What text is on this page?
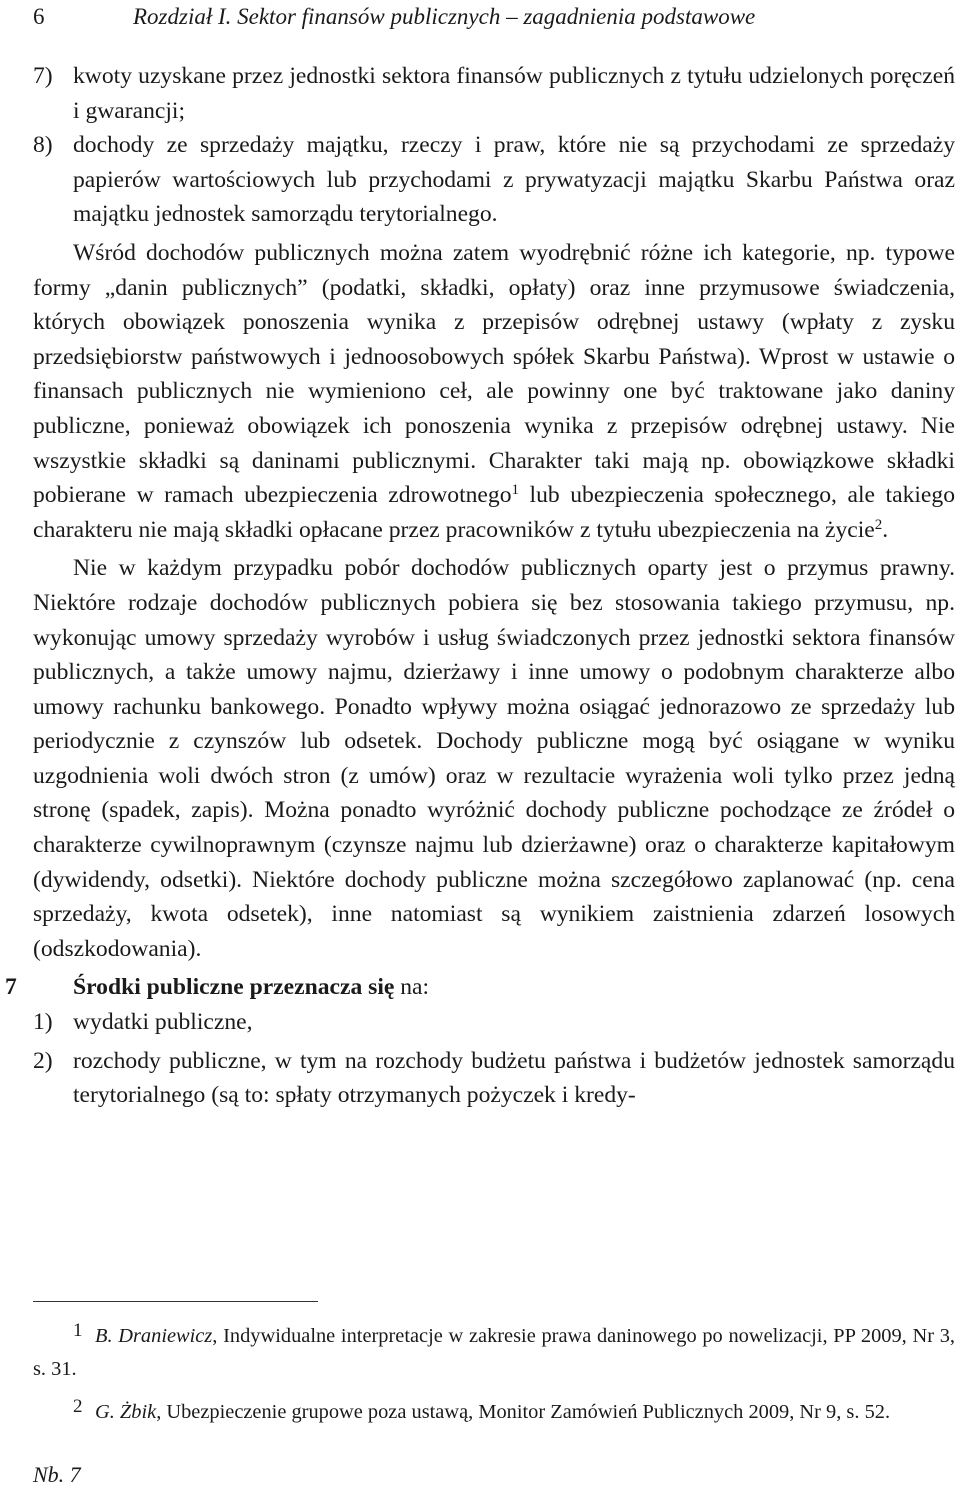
6	Rozdział I. Sektor finansów publicznych – zagadnienia podstawowe
7) kwoty uzyskane przez jednostki sektora finansów publicznych z tytułu udzielonych poręczeń i gwarancji;
8) dochody ze sprzedaży majątku, rzeczy i praw, które nie są przychodami ze sprzedaży papierów wartościowych lub przychodami z prywatyzacji majątku Skarbu Państwa oraz majątku jednostek samorządu terytorialnego.

Wśród dochodów publicznych można zatem wyodrębnić różne ich kategorie, np. typowe formy „danin publicznych” (podatki, składki, opłaty) oraz inne przymusowe świadczenia, których obowiązek ponoszenia wynika z przepisów odrębnej ustawy (wpłaty z zysku przedsiębiorstw państwowych i jednoosobowych spółek Skarbu Państwa). Wprost w ustawie o finansach publicznych nie wymieniono ceł, ale powinny one być traktowane jako daniny publiczne, ponieważ obowiązek ich ponoszenia wynika z przepisów odrębnej ustawy. Nie wszystkie składki są daninami publicznymi. Charakter taki mają np. obowiązkowe składki pobierane w ramach ubezpieczenia zdrowotnego$^1$ lub ubezpieczenia społecznego, ale takiego charakteru nie mają składki opłacane przez pracowników z tytułu ubezpieczenia na życie$^2$.

Nie w każdym przypadku pobór dochodów publicznych oparty jest o przymus prawny. Niektóre rodzaje dochodów publicznych pobiera się bez stosowania takiego przymusu, np. wykonując umowy sprzedaży wyrobów i usług świadczonych przez jednostki sektora finansów publicznych, a także umowy najmu, dzierżawy i inne umowy o podobnym charakterze albo umowy rachunku bankowego. Ponadto wpływy można osiągać jednorazowo ze sprzedaży lub periodycznie z czynszów lub odsetek. Dochody publiczne mogą być osiągane w wyniku uzgodnienia woli dwóch stron (z umów) oraz w rezultacie wyrażenia woli tylko przez jedną stronę (spadek, zapis). Można ponadto wyróżnić dochody publiczne pochodzące ze źródeł o charakterze cywilnoprawnym (czynsze najmu lub dzierżawne) oraz o charakterze kapitałowym (dywidendy, odsetki). Niektóre dochody publiczne można szczegółowo zaplanować (np. cena sprzedaży, kwota odsetek), inne natomiast są wynikiem zaistnienia zdarzeń losowych (odszkodowania).

7	Środki publiczne przeznacza się na:

1) wydatki publiczne,
2) rozchody publiczne, w tym na rozchody budżetu państwa i budżetów jednostek samorządu terytorialnego (są to: spłaty otrzymanych pożyczek i kredy-

1 B. Draniewicz, Indywidualne interpretacje w zakresie prawa daninowego po nowelizacji, PP 2009, Nr 3, s. 31.

2 G. Żbik, Ubezpieczenie grupowe poza ustawą, Monitor Zamówień Publicznych 2009, Nr 9, s. 52.

Nb. 7
